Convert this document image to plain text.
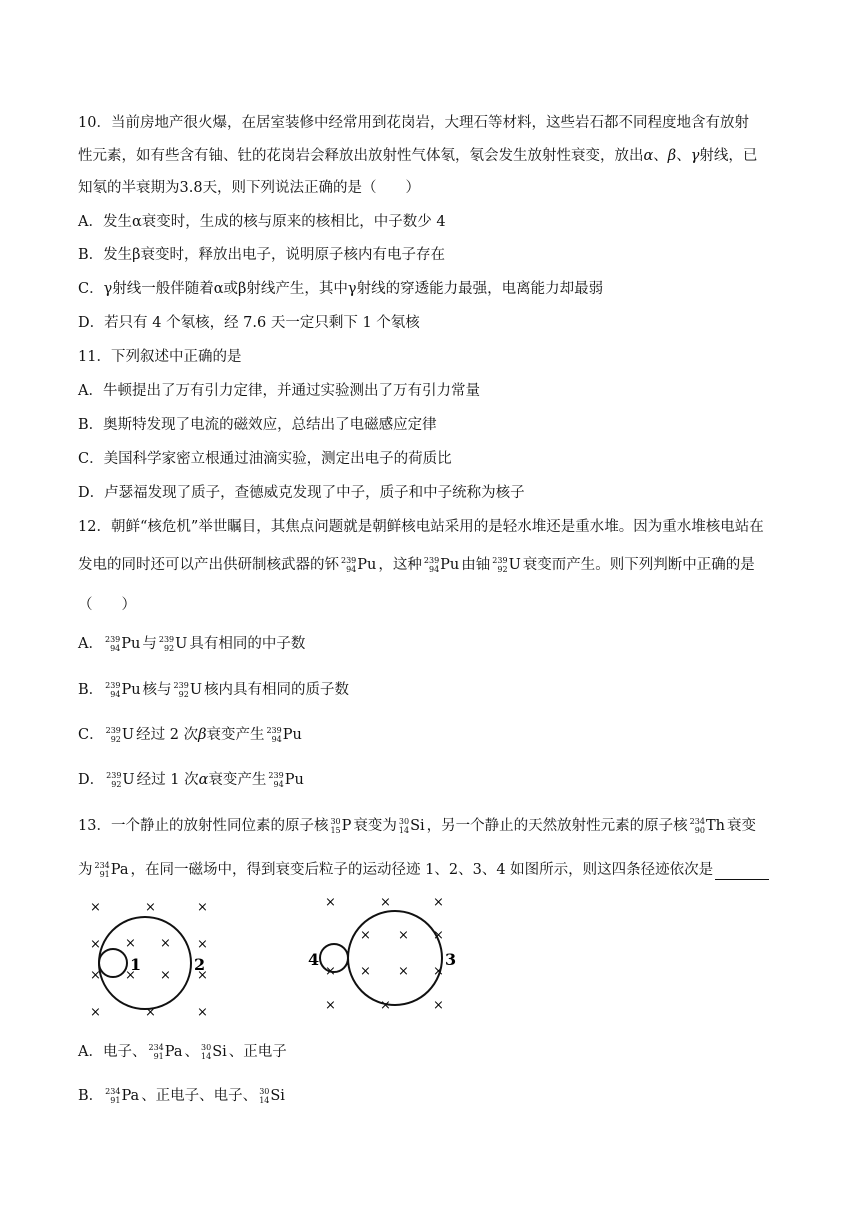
10．当前房地产很火爆，在居室装修中经常用到花岗岩，大理石等材料，这些岩石都不同程度地含有放射
性元素，如有些含有铀、钍的花岗岩会释放出放射性气体氡，氡会发生放射性衰变，放出α、β、γ射线，已
知氡的半衰期为3.8天，则下列说法正确的是（　　）
A．发生α衰变时，生成的核与原来的核相比，中子数少 4
B．发生β衰变时，释放出电子，说明原子核内有电子存在
C．γ射线一般伴随着α或β射线产生，其中γ射线的穿透能力最强，电离能力却最弱
D．若只有 4 个氡核，经 7.6 天一定只剩下 1 个氡核
11．下列叙述中正确的是
A．牛顿提出了万有引力定律，并通过实验测出了万有引力常量
B．奥斯特发现了电流的磁效应，总结出了电磁感应定律
C．美国科学家密立根通过油滴实验，测定出电子的荷质比
D．卢瑟福发现了质子，查德威克发现了中子，质子和中子统称为核子
12．朝鲜“核危机”举世瞩目，其焦点问题就是朝鲜核电站采用的是轻水堆还是重水堆。因为重水堆核电站在
发电的同时还可以产出供研制核武器的钚 239
94 Pu ，这种 239
94 Pu 由铀 239
92 U 衰变而产生。则下列判断中正确的是
（　　）
A． 239
94 Pu 与 239
92 U 具有相同的中子数
B． 239
94 Pu 核与 239
92 U 核内具有相同的质子数
C． 239
92 U 经过 2 次β衰变产生 239
94 Pu
D． 239
92 U 经过 1 次α衰变产生 239
94 Pu
13．一个静止的放射性同位素的原子核 30
15 P 衰变为 30
14 Si ，另一个静止的天然放射性元素的原子核 234
90 Th 衰变
为 234
91 Pa ，在同一磁场中，得到衰变后粒子的运动径迹 1、2、3、4 如图所示，则这四条径迹依次是
×	×	×
× × × ×
× × × ×
×	×	×
1	2
×	×	×
× × ×
× × × ×
×	×	×
3
4
A．电子、 234
91 Pa 、 30
14 Si 、正电子
B． 234
91 Pa 、正电子、电子、 30
14 Si
